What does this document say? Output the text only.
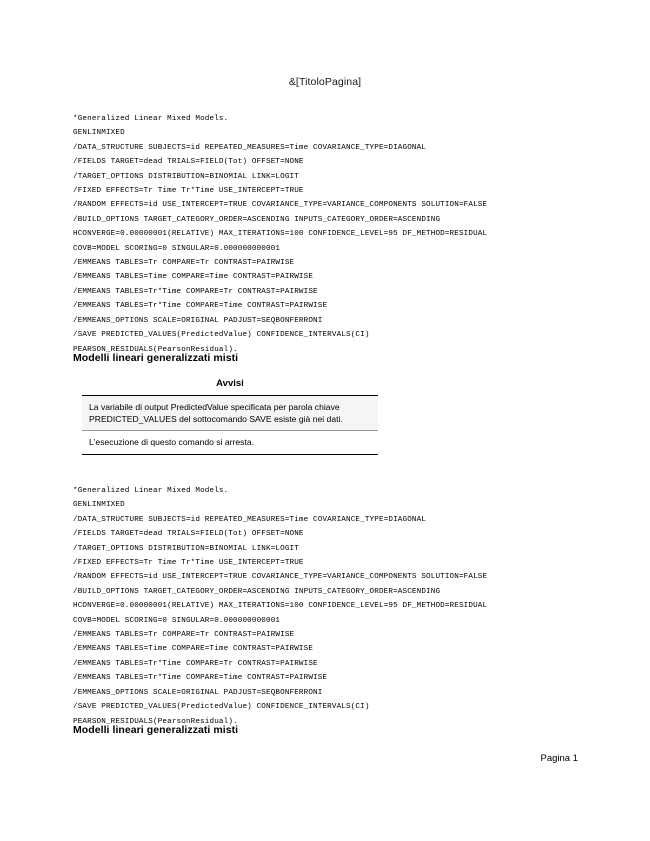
&[TitoloPagina]
*Generalized Linear Mixed Models.
GENLINMIXED
/DATA_STRUCTURE SUBJECTS=id REPEATED_MEASURES=Time COVARIANCE_TYPE=DIAGONAL
/FIELDS TARGET=dead TRIALS=FIELD(Tot) OFFSET=NONE
/TARGET_OPTIONS DISTRIBUTION=BINOMIAL LINK=LOGIT
/FIXED EFFECTS=Tr Time Tr*Time USE_INTERCEPT=TRUE
/RANDOM EFFECTS=id USE_INTERCEPT=TRUE COVARIANCE_TYPE=VARIANCE_COMPONENTS SOLUTION=FALSE
/BUILD_OPTIONS TARGET_CATEGORY_ORDER=ASCENDING INPUTS_CATEGORY_ORDER=ASCENDING
HCONVERGE=0.00000001(RELATIVE) MAX_ITERATIONS=100 CONFIDENCE_LEVEL=95 DF_METHOD=RESIDUAL
COVB=MODEL SCORING=0 SINGULAR=0.000000000001
/EMMEANS TABLES=Tr COMPARE=Tr CONTRAST=PAIRWISE
/EMMEANS TABLES=Time COMPARE=Time CONTRAST=PAIRWISE
/EMMEANS TABLES=Tr*Time COMPARE=Tr CONTRAST=PAIRWISE
/EMMEANS TABLES=Tr*Time COMPARE=Time CONTRAST=PAIRWISE
/EMMEANS_OPTIONS SCALE=ORIGINAL PADJUST=SEQBONFERRONI
/SAVE PREDICTED_VALUES(PredictedValue) CONFIDENCE_INTERVALS(CI)
PEARSON_RESIDUALS(PearsonResidual).
Modelli lineari generalizzati misti
Avvisi
La variabile di output PredictedValue specificata per parola chiave PREDICTED_VALUES del sottocomando SAVE esiste già nei dati.
L'esecuzione di questo comando si arresta.
*Generalized Linear Mixed Models.
GENLINMIXED
/DATA_STRUCTURE SUBJECTS=id REPEATED_MEASURES=Time COVARIANCE_TYPE=DIAGONAL
/FIELDS TARGET=dead TRIALS=FIELD(Tot) OFFSET=NONE
/TARGET_OPTIONS DISTRIBUTION=BINOMIAL LINK=LOGIT
/FIXED EFFECTS=Tr Time Tr*Time USE_INTERCEPT=TRUE
/RANDOM EFFECTS=id USE_INTERCEPT=TRUE COVARIANCE_TYPE=VARIANCE_COMPONENTS SOLUTION=FALSE
/BUILD_OPTIONS TARGET_CATEGORY_ORDER=ASCENDING INPUTS_CATEGORY_ORDER=ASCENDING
HCONVERGE=0.00000001(RELATIVE) MAX_ITERATIONS=100 CONFIDENCE_LEVEL=95 DF_METHOD=RESIDUAL
COVB=MODEL SCORING=0 SINGULAR=0.000000000001
/EMMEANS TABLES=Tr COMPARE=Tr CONTRAST=PAIRWISE
/EMMEANS TABLES=Time COMPARE=Time CONTRAST=PAIRWISE
/EMMEANS TABLES=Tr*Time COMPARE=Tr CONTRAST=PAIRWISE
/EMMEANS TABLES=Tr*Time COMPARE=Time CONTRAST=PAIRWISE
/EMMEANS_OPTIONS SCALE=ORIGINAL PADJUST=SEQBONFERRONI
/SAVE PREDICTED_VALUES(PredictedValue) CONFIDENCE_INTERVALS(CI)
PEARSON_RESIDUALS(PearsonResidual).
Modelli lineari generalizzati misti
Pagina 1
